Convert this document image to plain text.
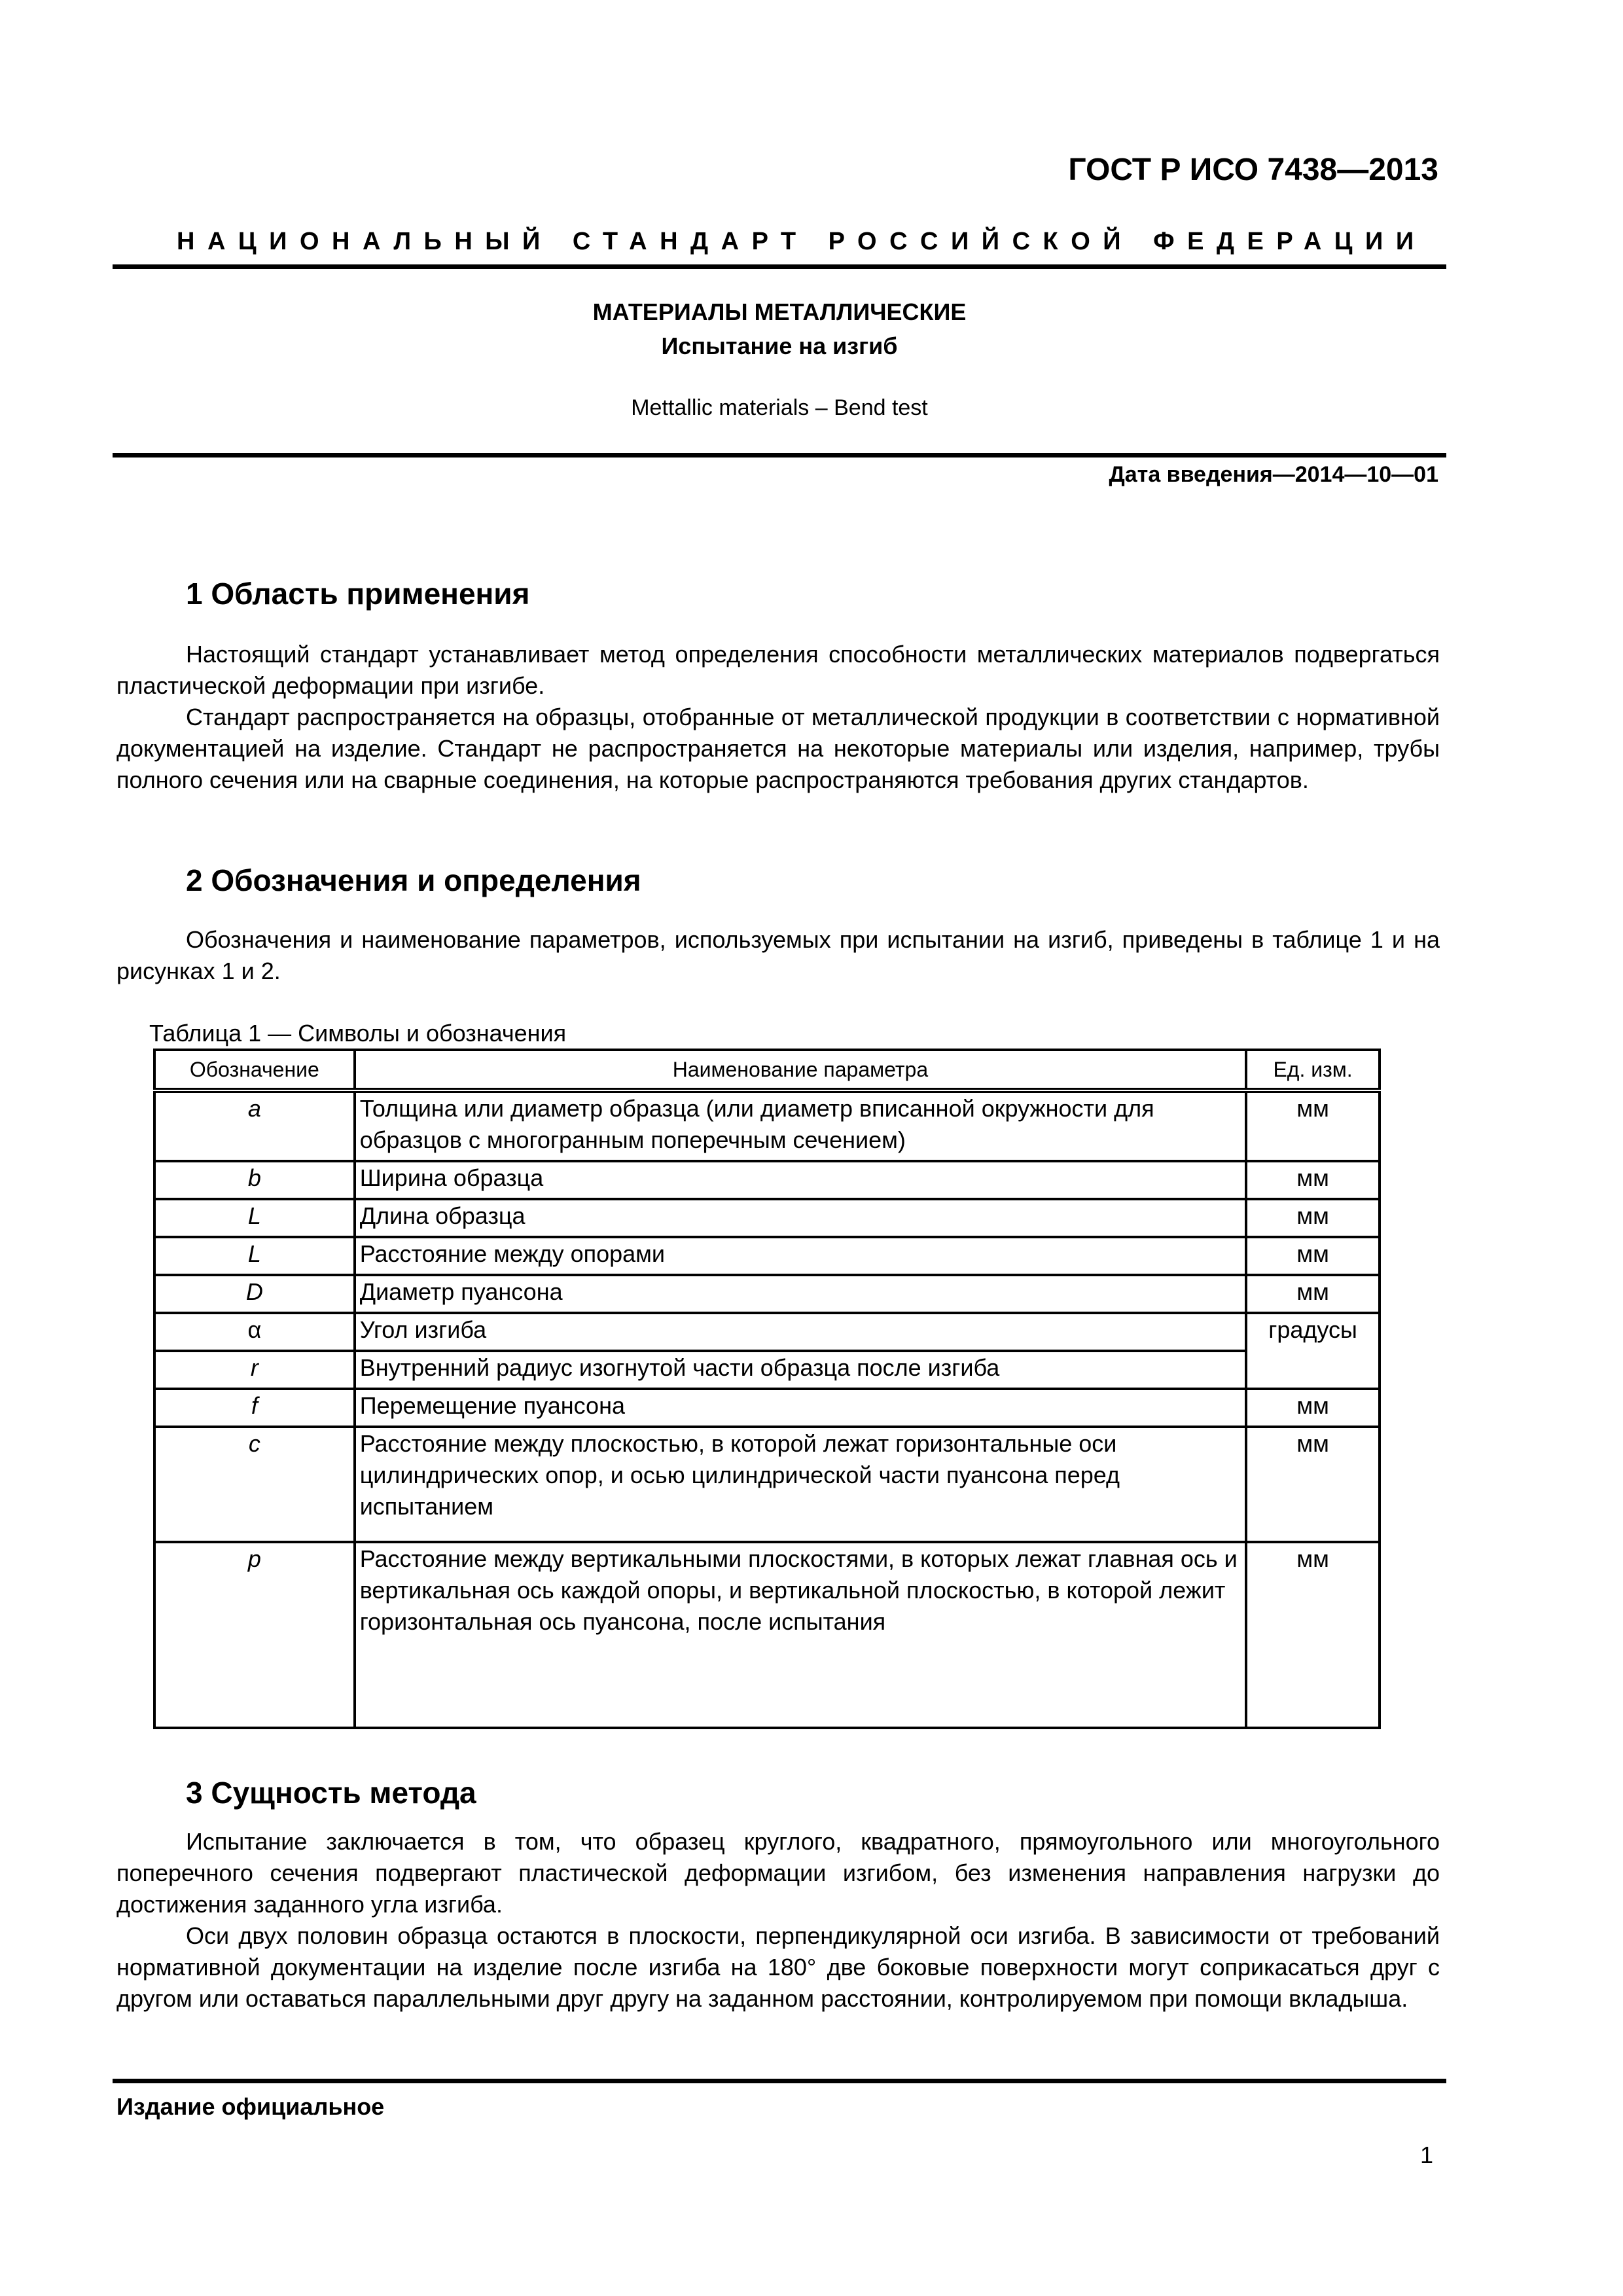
ГОСТ Р ИСО 7438—2013
НАЦИОНАЛЬНЫЙ СТАНДАРТ РОССИЙСКОЙ ФЕДЕРАЦИИ
МАТЕРИАЛЫ МЕТАЛЛИЧЕСКИЕ
Испытание на изгиб
Mettallic materials – Bend test
Дата введения—2014—10—01
1 Область применения
Настоящий стандарт устанавливает метод определения способности металлических материалов подвергаться пластической деформации при изгибе.
Стандарт распространяется на образцы, отобранные от металлической продукции в соответствии с нормативной документацией на изделие. Стандарт не распространяется на некоторые материалы или изделия, например, трубы полного сечения или на сварные соединения, на которые распространяются требования других стандартов.
2 Обозначения и определения
Обозначения и наименование параметров, используемых при испытании на изгиб, приведены в таблице 1 и на рисунках 1 и 2.
Таблица 1 — Символы и обозначения
Обозначение	Наименование параметра	Ед. изм.
a	Толщина или диаметр образца (или диаметр вписанной окружности для образцов с многогранным поперечным сечением)	мм
b	Ширина образца	мм
L	Длина образца	мм
L	Расстояние между опорами	мм
D	Диаметр пуансона	мм
α	Угол изгиба	градусы
r	Внутренний радиус изогнутой части образца после изгиба	
f	Перемещение пуансона	мм
c	Расстояние между плоскостью, в которой лежат горизонтальные оси цилиндрических опор, и осью цилиндрической части пуансона перед испытанием	мм
p	Расстояние между вертикальными плоскостями, в которых лежат главная ось и вертикальная ось каждой опоры, и вертикальной плоскостью, в которой лежит горизонтальная ось пуансона, после испытания	мм
3 Сущность метода
Испытание заключается в том, что образец круглого, квадратного, прямоугольного или многоугольного поперечного сечения подвергают пластической деформации изгибом, без изменения направления нагрузки до достижения заданного угла изгиба.
Оси двух половин образца остаются в плоскости, перпендикулярной оси изгиба. В зависимости от требований нормативной документации на изделие после изгиба на 180° две боковые поверхности могут соприкасаться друг с другом или оставаться параллельными друг другу на заданном расстоянии, контролируемом при помощи вкладыша.
Издание официальное
1
